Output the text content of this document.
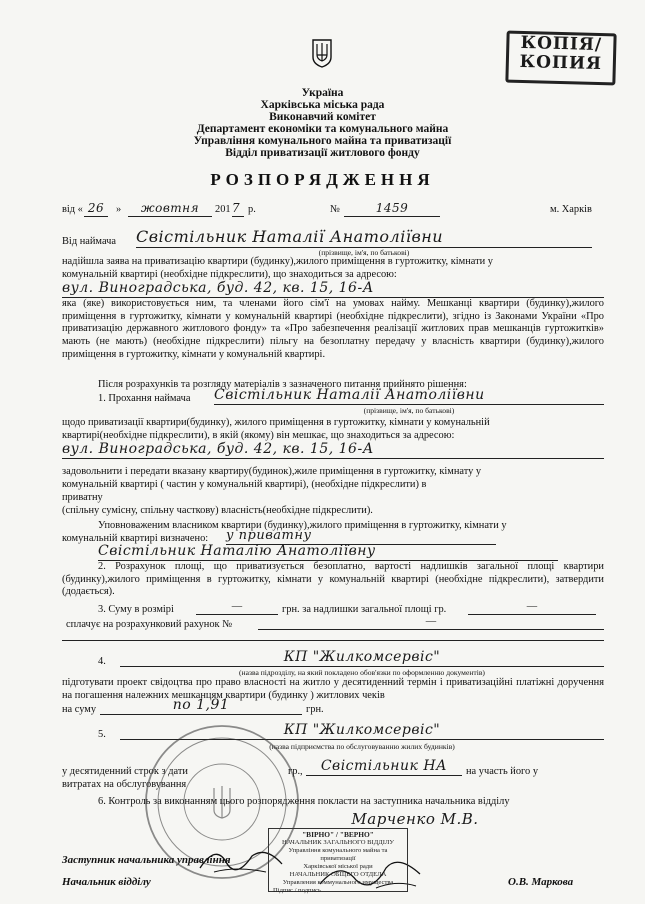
КОПІЯ/
КОПИЯ
Україна
Харківська міська рада
Виконавчий комітет
Департамент економіки та комунального майна
Управління комунального майна та приватизації
Відділ приватизації житлового фонду
РОЗПОРЯДЖЕННЯ
від « 26	»	жовтня	201 7 р.	№	1459	м. Харків
Від наймача Свістільник Наталії Анатоліївни
(прізвище, ім'я, по батькові)
надійшла заява на приватизацію квартири (будинку),жилого приміщення в гуртожитку, кімнати у
комунальній квартирі (необхідне підкреслити), що знаходиться за адресою:
вул. Виноградська, буд. 42, кв. 15, 16-А
яка (яке) використовується ним, та членами його сім'ї на умовах найму. Мешканці квартири (будинку),жилого приміщення в гуртожитку, кімнати у комунальній квартирі (необхідне підкреслити), згідно із Законами України «Про приватизацію державного житлового фонду» та «Про забезпечення реалізації житлових прав мешканців гуртожитків» мають (не мають) (необхідне підкреслити) пільгу на безоплатну передачу у власність квартири (будинку),жилого приміщення в гуртожитку, кімнати у комунальній квартирі.
Після розрахунків та розгляду матеріалів з зазначеного питання прийнято рішення:
1. Прохання наймача Свістільник Наталії Анатоліївни
(прізвище, ім'я, по батькові)
щодо приватизації квартири(будинку), жилого приміщення в гуртожитку, кімнати у комунальній
квартирі(необхідне підкреслити), в якій (якому) він мешкає, що знаходиться за адресою:
вул. Виноградська, буд. 42, кв. 15, 16-А
задовольнити і передати вказану квартиру(будинок),жиле приміщення в гуртожитку, кімнату у
комунальній квартирі ( частин у комунальній квартирі), (необхідне підкреслити) в
приватну
(спільну сумісну, спільну часткову) власність(необхідне підкреслити).
Уповноваженим власником квартири (будинку),жилого приміщення в гуртожитку, кімнати у
комунальній квартирі визначено: у приватну
Свістільник Наталію Анатоліївну
2. Розрахунок площі, що приватизується безоплатно, вартості надлишків загальної площі квартири (будинку),жилого приміщення в гуртожитку, кімнати у комунальній квартирі (необхідне підкреслити), затвердити (додається).
3. Суму в розмірі	—	грн. за надлишки загальної площі гр.	—
сплачує на розрахунковий рахунок №	—
4.	КП "Жилкомсервіс"
(назва підрозділу, на який покладено обов'язки по оформленню документів)
підготувати проект свідоцтва про право власності на житло у десятиденний термін і приватизаційні платіжні доручення на погашення належних мешканцям квартири (будинку ) житлових чеків
на суму	по 1,91	грн.
5.	КП "Жилкомсервіс"
(назва підприємства по обслуговуванню жилих будинків)
у десятиденний строк з дати	гр.,	Свістільник НА	на участь його у
витратах на обслуговування
6. Контроль за виконанням цього розпорядження покласти на заступника начальника відділу
Марченко М.В.
"ВІРНО" / "ВЕРНО"
НАЧАЛЬНИК ЗАГАЛЬНОГО ВІДДІЛУ
Управління комунального майна та приватизації
Харківської міської ради
НАЧАЛЬНИК ОБЩЕГО ОТДЕЛА
Управления коммунального имущества
Підпис / подпись
Заступник начальника управління
Начальник відділу	О.В. Маркова
